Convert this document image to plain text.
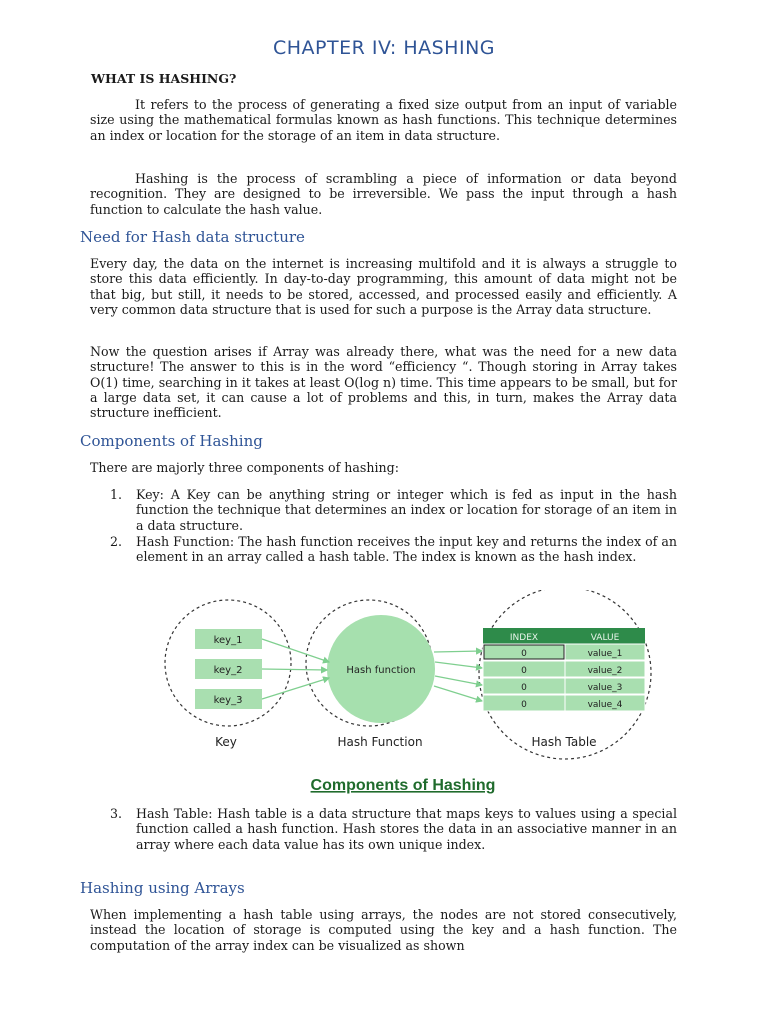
CHAPTER IV: HASHING
WHAT IS HASHING?

It refers to the process of generating a fixed size output from an input of variable size using the mathematical formulas known as hash functions. This technique determines an index or location for the storage of an item in data structure.

Hashing is the process of scrambling a piece of information or data beyond recognition. They are designed to be irreversible. We pass the input through a hash function to calculate the hash value.

Need for Hash data structure

Every day, the data on the internet is increasing multifold and it is always a struggle to store this data efficiently. In day-to-day programming, this amount of data might not be that big, but still, it needs to be stored, accessed, and processed easily and efficiently. A very common data structure that is used for such a purpose is the Array data structure.

Now the question arises if Array was already there, what was the need for a new data structure! The answer to this is in the word “efficiency “. Though storing in Array takes O(1) time, searching in it takes at least O(log n) time. This time appears to be small, but for a large data set, it can cause a lot of problems and this, in turn, makes the Array data structure inefficient.

Components of Hashing

There are majorly three components of hashing:

1. Key: A Key can be anything string or integer which is fed as input in the hash function the technique that determines an index or location for storage of an item in a data structure.
2. Hash Function: The hash function receives the input key and returns the index of an element in an array called a hash table. The index is known as the hash index.
key_1
key_2
key_3
Hash function
INDEX	VALUE
0	value_1
0	value_2
0	value_3
0	value_4
Key	Hash Function	Hash Table
Components of Hashing
3. Hash Table: Hash table is a data structure that maps keys to values using a special function called a hash function. Hash stores the data in an associative manner in an array where each data value has its own unique index.
Hashing using Arrays

When implementing a hash table using arrays, the nodes are not stored consecutively, instead the location of storage is computed using the key and a hash function. The computation of the array index can be visualized as shown
